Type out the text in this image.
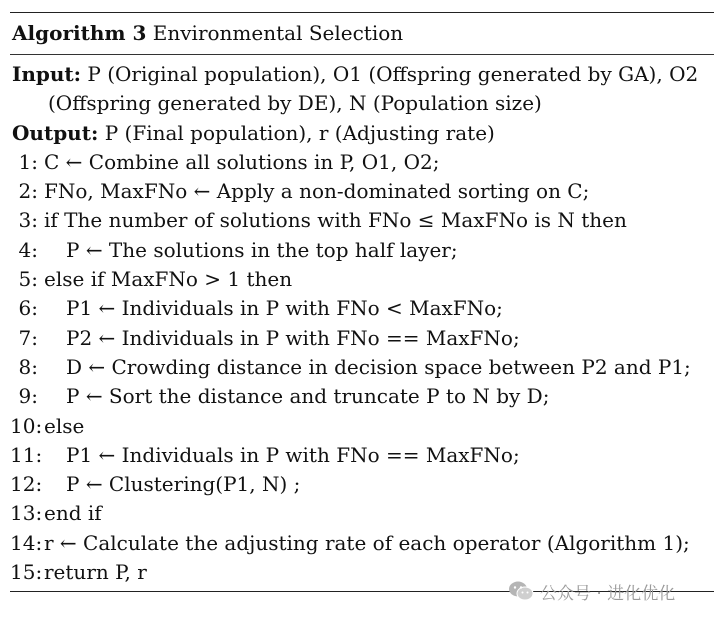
Algorithm 3 Environmental Selection
Input: P (Original population), O1 (Offspring generated by GA), O2
(Offspring generated by DE), N (Population size)
Output: P (Final population), r (Adjusting rate)
1: C ← Combine all solutions in P, O1, O2;
2: FNo, MaxFNo ← Apply a non-dominated sorting on C;
3: if The number of solutions with FNo ≤ MaxFNo is N then
4:	P ← The solutions in the top half layer;
5: else if MaxFNo > 1 then
6:	P1 ← Individuals in P with FNo < MaxFNo;
7:	P2 ← Individuals in P with FNo == MaxFNo;
8:	D ← Crowding distance in decision space between P2 and P1;
9:	P ← Sort the distance and truncate P to N by D;
10: else
11:	P1 ← Individuals in P with FNo == MaxFNo;
12:	P ← Clustering(P1, N) ;
13: end if
14: r ← Calculate the adjusting rate of each operator (Algorithm 1);
15: return P, r
公众号 · 进化优化
